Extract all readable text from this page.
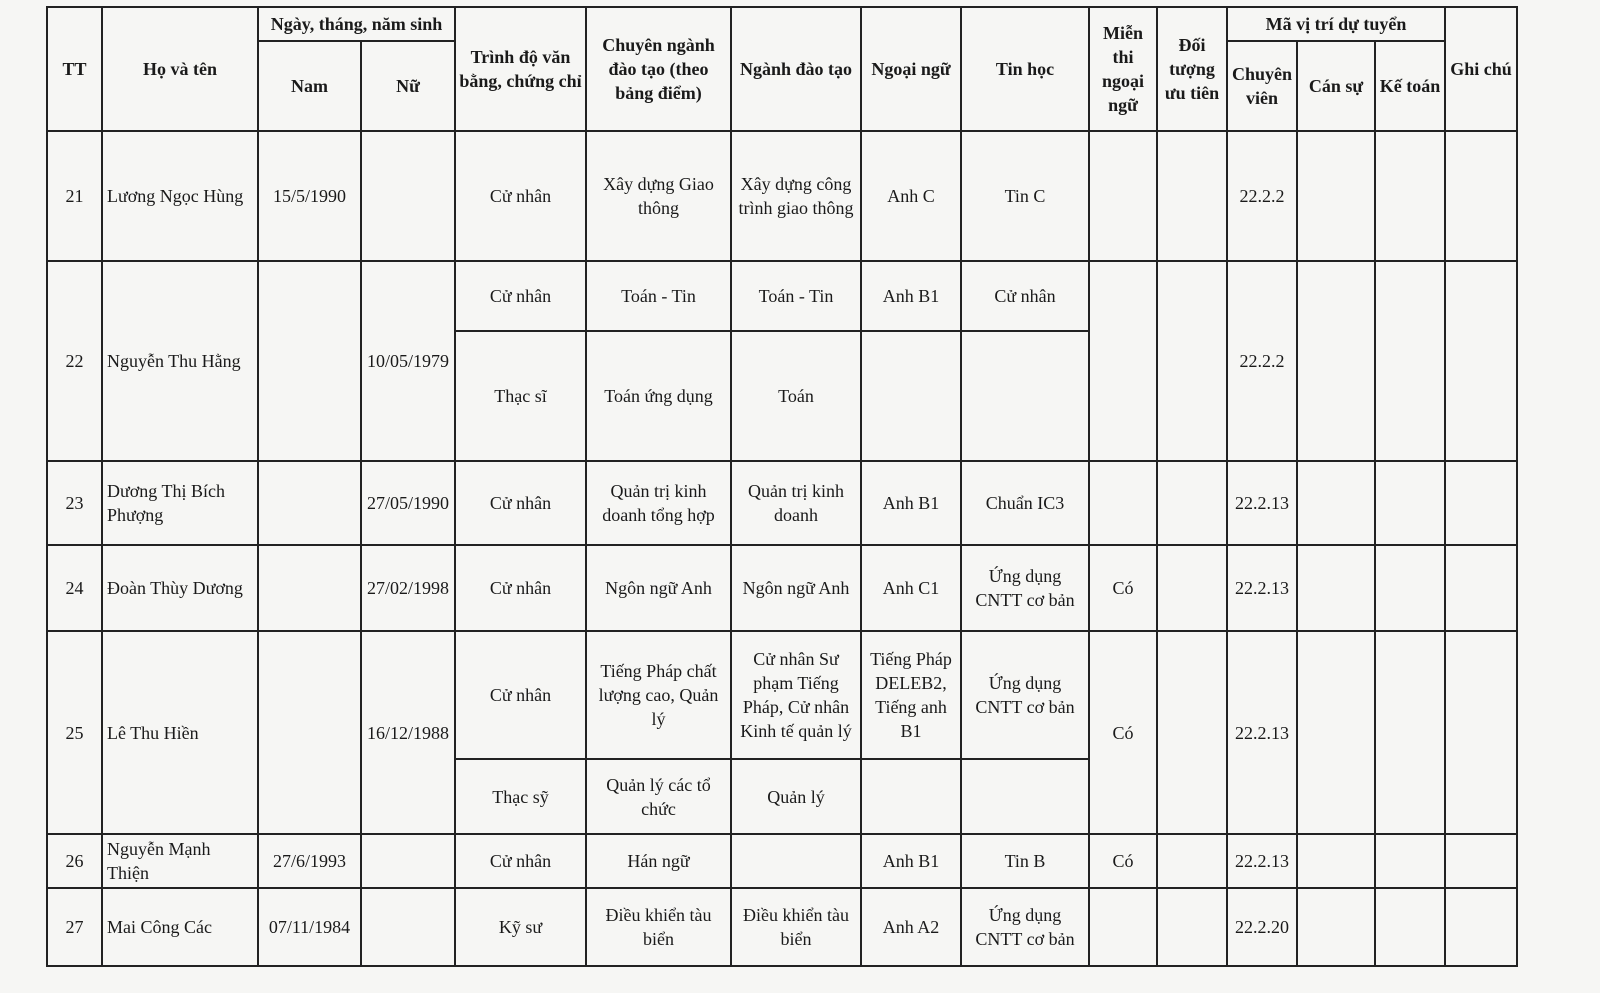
TT	Họ và tên	Ngày, tháng, năm sinh		Trình độ văn bằng, chứng chỉ	Chuyên ngành đào tạo (theo bảng điểm)	Ngành đào tạo	Ngoại ngữ	Tin học	Miễn thi ngoại ngữ	Đối tượng ưu tiên	Mã vị trí dự tuyển			Ghi chú
		Nam	Nữ								Chuyên viên	Cán sự	Kế toán	
21	Lương Ngọc Hùng	15/5/1990		Cử nhân	Xây dựng Giao thông	Xây dựng công trình giao thông	Anh C	Tin C			22.2.2			
22	Nguyễn Thu Hằng		10/05/1979	Cử nhân	Toán - Tin	Toán - Tin	Anh B1	Cử nhân			22.2.2			
				Thạc sĩ	Toán ứng dụng	Toán								
23	Dương Thị Bích Phượng		27/05/1990	Cử nhân	Quản trị kinh doanh tổng hợp	Quản trị kinh doanh	Anh B1	Chuẩn IC3			22.2.13			
24	Đoàn Thùy Dương		27/02/1998	Cử nhân	Ngôn ngữ Anh	Ngôn ngữ Anh	Anh C1	Ứng dụng CNTT cơ bản	Có		22.2.13			
25	Lê Thu Hiền		16/12/1988	Cử nhân	Tiếng Pháp chất lượng cao, Quản lý	Cử nhân Sư phạm Tiếng Pháp, Cử nhân Kinh tế quản lý	Tiếng Pháp DELEB2, Tiếng anh B1	Ứng dụng CNTT cơ bản	Có		22.2.13			
				Thạc sỹ	Quản lý các tổ chức	Quản lý								
26	Nguyễn Mạnh Thiện	27/6/1993		Cử nhân	Hán ngữ		Anh B1	Tin B	Có		22.2.13			
27	Mai Công Các	07/11/1984		Kỹ sư	Điều khiển tàu biển	Điều khiển tàu biển	Anh A2	Ứng dụng CNTT cơ bản			22.2.20			
